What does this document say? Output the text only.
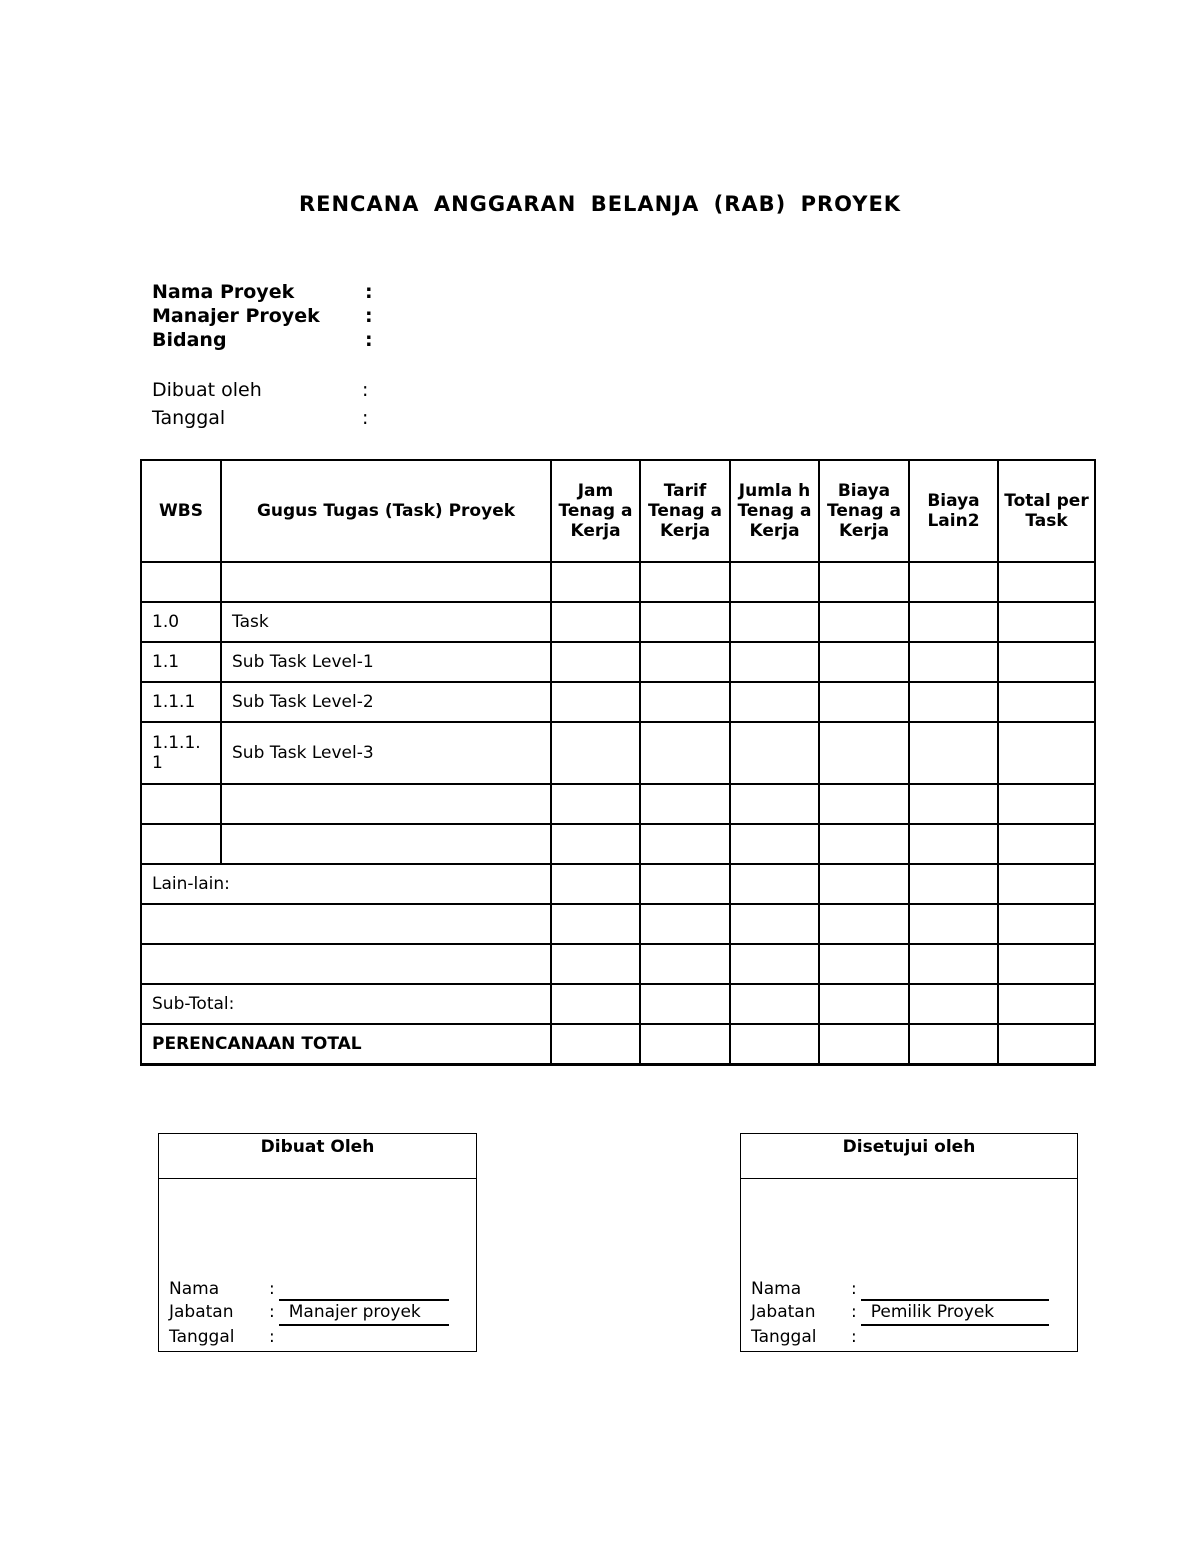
RENCANA ANGGARAN BELANJA (RAB) PROYEK
Nama Proyek	:
Manajer Proyek	:
Bidang	:
Dibuat oleh	:
Tanggal	:
WBS	Gugus Tugas (Task) Proyek	Jam Tenag a Kerja	Tarif Tenag a Kerja	Jumla h Tenag a Kerja	Biaya Tenag a Kerja	Biaya Lain2	Total per Task

1.0	Task						
1.1	Sub Task Level-1						
1.1.1	Sub Task Level-2						
1.1.1. 1	Sub Task Level-3						

Lain-lain:							

Sub-Total:							
PERENCANAAN TOTAL							
Dibuat Oleh
Nama	:
Jabatan	: Manajer proyek
Tanggal	:
Disetujui oleh
Nama	:
Jabatan	: Pemilik Proyek
Tanggal	:
